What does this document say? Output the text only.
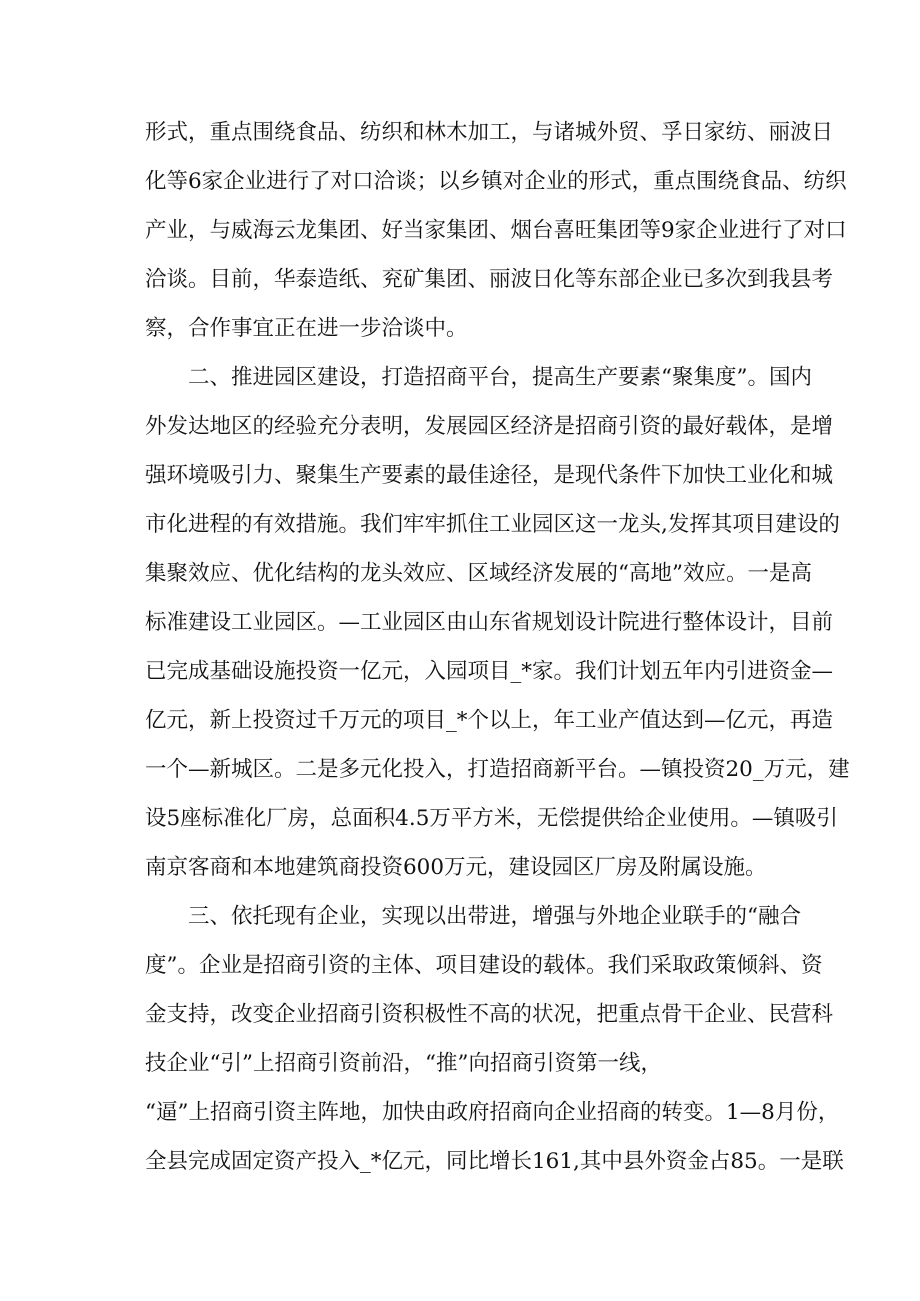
形式，重点围绕食品、纺织和林木加工，与诸城外贸、孚日家纺、丽波日
化等6家企业进行了对口洽谈；以乡镇对企业的形式，重点围绕食品、纺织
产业，与威海云龙集团、好当家集团、烟台喜旺集团等9家企业进行了对口
洽谈。目前，华泰造纸、兖矿集团、丽波日化等东部企业已多次到我县考
察，合作事宜正在进一步洽谈中。
二、推进园区建设，打造招商平台，提高生产要素“聚集度”。国内
外发达地区的经验充分表明，发展园区经济是招商引资的最好载体，是增
强环境吸引力、聚集生产要素的最佳途径，是现代条件下加快工业化和城
市化进程的有效措施。我们牢牢抓住工业园区这一龙头,发挥其项目建设的
集聚效应、优化结构的龙头效应、区域经济发展的“高地”效应。一是高
标准建设工业园区。—工业园区由山东省规划设计院进行整体设计，目前
已完成基础设施投资一亿元，入园项目_*家。我们计划五年内引进资金—
亿元，新上投资过千万元的项目_*个以上，年工业产值达到—亿元，再造
一个—新城区。二是多元化投入，打造招商新平台。—镇投资20_万元，建
设5座标准化厂房，总面积4.5万平方米，无偿提供给企业使用。—镇吸引
南京客商和本地建筑商投资600万元，建设园区厂房及附属设施。
三、依托现有企业，实现以出带进，增强与外地企业联手的“融合
度”。企业是招商引资的主体、项目建设的载体。我们采取政策倾斜、资
金支持，改变企业招商引资积极性不高的状况，把重点骨干企业、民营科
技企业“引”上招商引资前沿，“推”向招商引资第一线，
“逼”上招商引资主阵地，加快由政府招商向企业招商的转变。1—8月份，
全县完成固定资产投入_*亿元，同比增长161,其中县外资金占85。一是联
